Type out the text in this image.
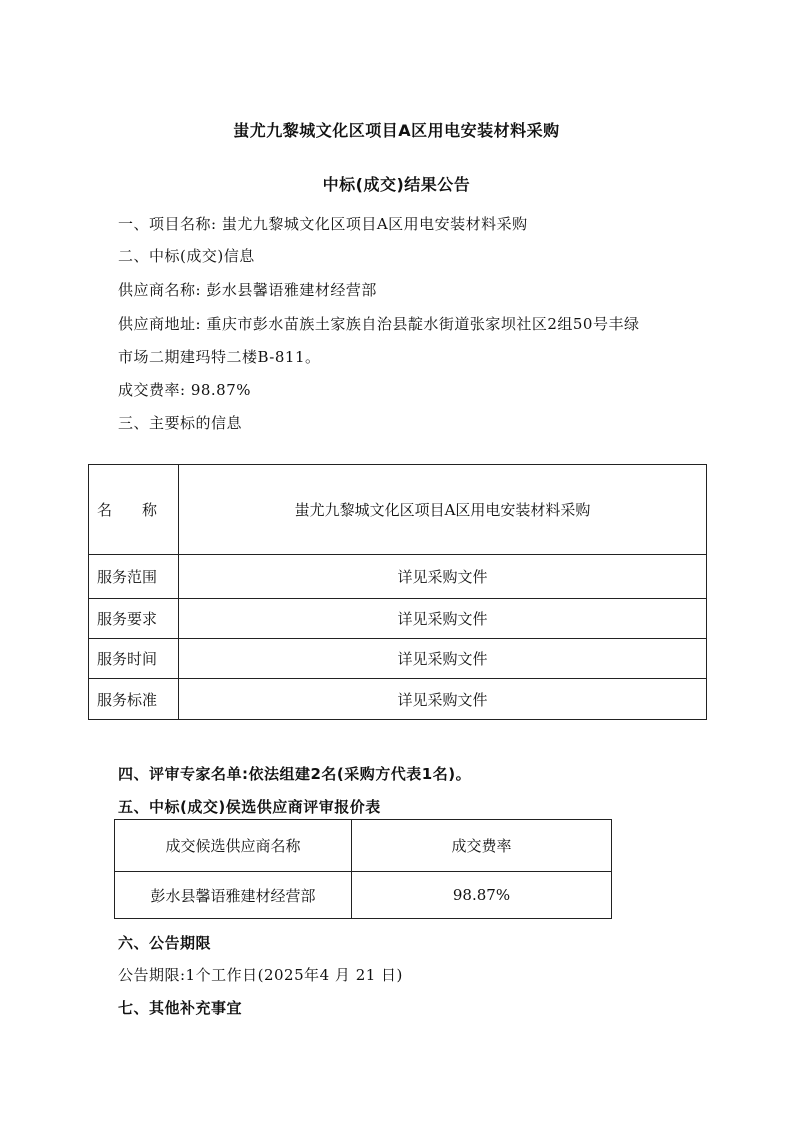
蚩尤九黎城文化区项目A区用电安装材料采购
中标(成交)结果公告
一、项目名称: 蚩尤九黎城文化区项目A区用电安装材料采购
二、中标(成交)信息
供应商名称: 彭水县馨语雅建材经营部
供应商地址: 重庆市彭水苗族土家族自治县靛水街道张家坝社区2组50号丰绿
市场二期建玛特二楼B-811。
成交费率: 98.87%
三、主要标的信息
名　　称	蚩尤九黎城文化区项目A区用电安装材料采购
服务范围	详见采购文件
服务要求	详见采购文件
服务时间	详见采购文件
服务标准	详见采购文件
四、评审专家名单:依法组建2名(采购方代表1名)。
五、中标(成交)侯选供应商评审报价表
成交候选供应商名称	成交费率
彭水县馨语雅建材经营部	98.87%
六、公告期限
公告期限:1个工作日(2025年4 月 21 日)
七、其他补充事宜
